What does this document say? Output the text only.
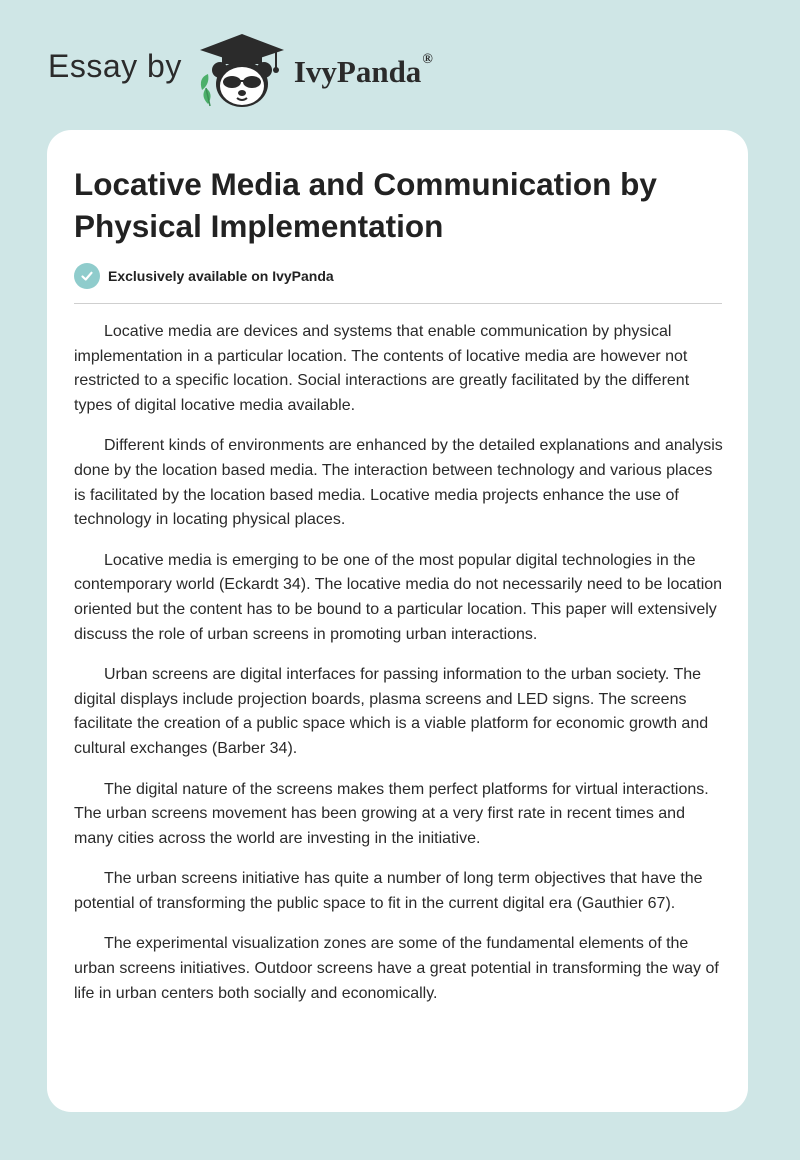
Essay by	IvyPanda®
Locative Media and Communication by Physical Implementation
Exclusively available on IvyPanda

Locative media are devices and systems that enable communication by physical implementation in a particular location. The contents of locative media are however not restricted to a specific location. Social interactions are greatly facilitated by the different types of digital locative media available.

Different kinds of environments are enhanced by the detailed explanations and analysis done by the location based media. The interaction between technology and various places is facilitated by the location based media. Locative media projects enhance the use of technology in locating physical places.

Locative media is emerging to be one of the most popular digital technologies in the contemporary world (Eckardt 34). The locative media do not necessarily need to be location oriented but the content has to be bound to a particular location. This paper will extensively discuss the role of urban screens in promoting urban interactions.

Urban screens are digital interfaces for passing information to the urban society. The digital displays include projection boards, plasma screens and LED signs. The screens facilitate the creation of a public space which is a viable platform for economic growth and cultural exchanges (Barber 34).

The digital nature of the screens makes them perfect platforms for virtual interactions. The urban screens movement has been growing at a very first rate in recent times and many cities across the world are investing in the initiative.

The urban screens initiative has quite a number of long term objectives that have the potential of transforming the public space to fit in the current digital era (Gauthier 67).

The experimental visualization zones are some of the fundamental elements of the urban screens initiatives. Outdoor screens have a great potential in transforming the way of life in urban centers both socially and economically.
